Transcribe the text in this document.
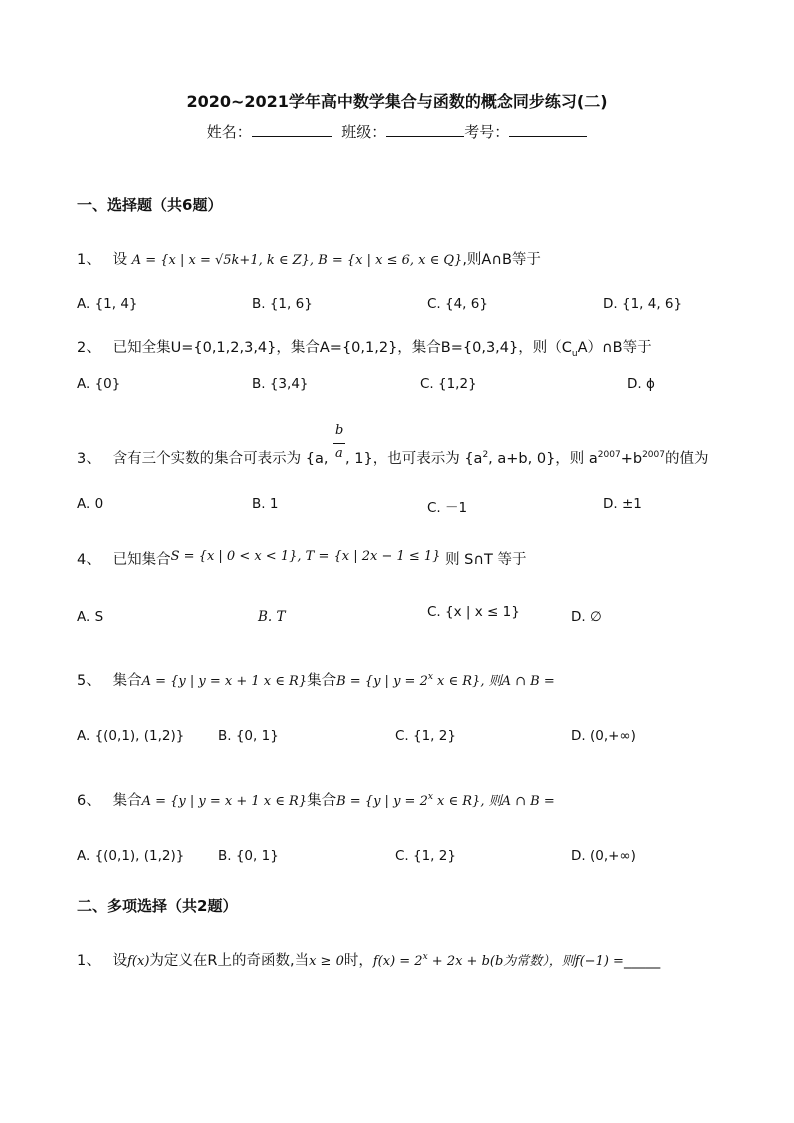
2020~2021学年高中数学集合与函数的概念同步练习(二)
姓名：	班级：	考号：
一、选择题（共6题）
1、 设 A = {x | x = √5k+1, k ∈ Z}, B = {x | x ≤ 6, x ∈ Q},则A∩B等于
A. {1, 4}	B. {1, 6}	C. {4, 6}	D. {1, 4, 6}
2、 已知全集U={0,1,2,3,4}，集合A={0,1,2}，集合B={0,3,4}，则$(C_uA)\cap B$等于
A. {0}	B. {3,4}	C. {1,2}	D. ϕ
3、 含有三个实数的集合可表示为 {a, $\frac{b}{a}$ , 1}，也可表示为 {$a^2$, a+b, 0}，则 $a^{2007}+b^{2007}$的值为
A. 0	B. 1	C. －1	D. ±1
4、 已知集合S = {x | 0 < x < 1}, T = {x | 2x − 1 ≤ 1} 则 S∩T 等于
A. S	B. T	C. {x | x ≤ 1}	D. ∅
5、 集合A = {y | y = x + 1 x ∈ R}集合B = {y | $y = 2^x$ x ∈ R}, 则A ∩ B =
A. {(0,1), (1,2)} B. {0, 1}	C. {1, 2}	D. (0,+∞)
6、 集合A = {y | y = x + 1 x ∈ R}集合B = {y | $y = 2^x$ x ∈ R}, 则A ∩ B =
A. {(0,1), (1,2)} B. {0, 1}	C. {1, 2}	D. (0,+∞)
二、多项选择（共2题）
1、 设f(x)为定义在R上的奇函数,当x ≥ 0时，$f(x) = 2^x + 2x + b(b$为常数），则f(−1) =_____
